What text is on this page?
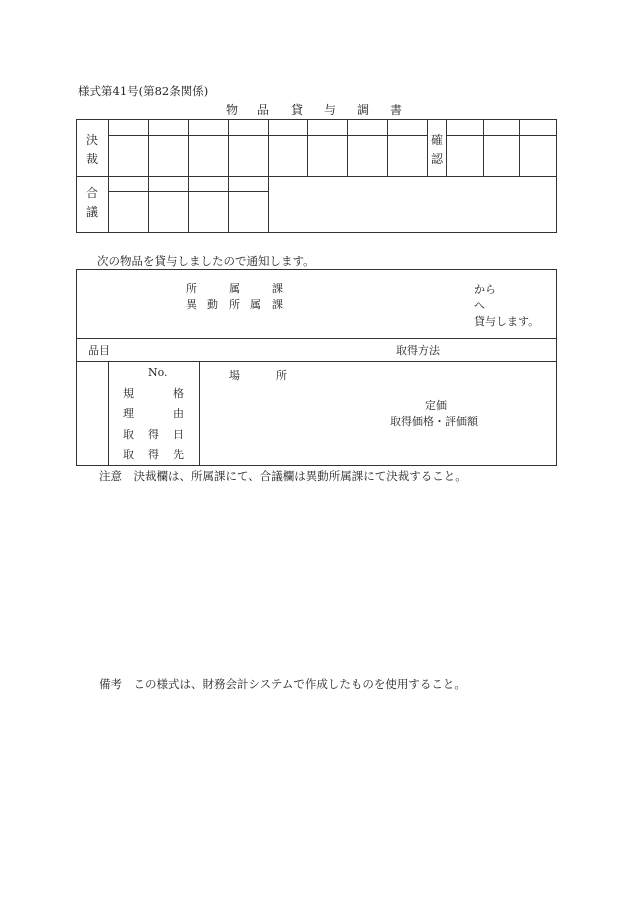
様式第41号(第82条関係)
物 品 貸 与 調 書
決
裁
確
認
合
議
次の物品を貸与しましたので通知します。
所	属	課
異 動 所 属 課
から
へ
貸与します。
品目	取得方法
No.
規	格
理	由
取 得 日
取 得 先
場	所
定価
取得価格・評価額
注意　決裁欄は、所属課にて、合議欄は異動所属課にて決裁すること。
備考　この様式は、財務会計システムで作成したものを使用すること。
